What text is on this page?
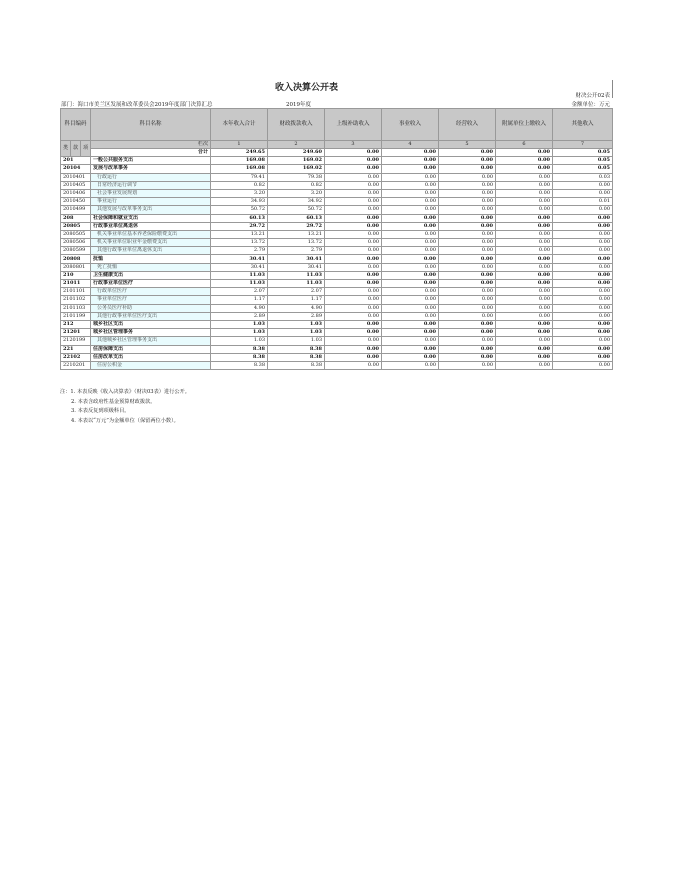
收入决算公开表
财决公开02表
部门：海口市美兰区发展和改革委员会2019年度部门决算汇总	2019年度	金额单位：万元
科目编码			科目名称	本年收入合计	财政拨款收入	上级补助收入	事业收入	经营收入	附属单位上缴收入	其他收入
类	款	项	栏次	1	2	3	4	5	6	7
			合计	249.65	249.60	0.00	0.00	0.00	0.00	0.05
201			一般公共服务支出	169.08	169.02	0.00	0.00	0.00	0.00	0.05
20104			发展与改革事务	169.08	169.02	0.00	0.00	0.00	0.00	0.05
2010401			行政运行	79.41	79.38	0.00	0.00	0.00	0.00	0.03
2010405			日常经济运行调节	0.82	0.82	0.00	0.00	0.00	0.00	0.00
2010406			社会事业发展规划	3.20	3.20	0.00	0.00	0.00	0.00	0.00
2010450			事业运行	34.93	34.92	0.00	0.00	0.00	0.00	0.01
2010499			其他发展与改革事务支出	50.72	50.72	0.00	0.00	0.00	0.00	0.00
208			社会保障和就业支出	60.13	60.13	0.00	0.00	0.00	0.00	0.00
20805			行政事业单位离退休	29.72	29.72	0.00	0.00	0.00	0.00	0.00
2080505			机关事业单位基本养老保险缴费支出	13.21	13.21	0.00	0.00	0.00	0.00	0.00
2080506			机关事业单位职业年金缴费支出	13.72	13.72	0.00	0.00	0.00	0.00	0.00
2080599			其他行政事业单位离退休支出	2.79	2.79	0.00	0.00	0.00	0.00	0.00
20808			抚恤	30.41	30.41	0.00	0.00	0.00	0.00	0.00
2080801			死亡抚恤	30.41	30.41	0.00	0.00	0.00	0.00	0.00
210			卫生健康支出	11.03	11.03	0.00	0.00	0.00	0.00	0.00
21011			行政事业单位医疗	11.03	11.03	0.00	0.00	0.00	0.00	0.00
2101101			行政单位医疗	2.07	2.07	0.00	0.00	0.00	0.00	0.00
2101102			事业单位医疗	1.17	1.17	0.00	0.00	0.00	0.00	0.00
2101103			公务员医疗补助	4.90	4.90	0.00	0.00	0.00	0.00	0.00
2101199			其他行政事业单位医疗支出	2.89	2.89	0.00	0.00	0.00	0.00	0.00
212			城乡社区支出	1.03	1.03	0.00	0.00	0.00	0.00	0.00
21201			城乡社区管理事务	1.03	1.03	0.00	0.00	0.00	0.00	0.00
2120199			其他城乡社区管理事务支出	1.03	1.03	0.00	0.00	0.00	0.00	0.00
221			住房保障支出	8.38	8.38	0.00	0.00	0.00	0.00	0.00
22102			住房改革支出	8.38	8.38	0.00	0.00	0.00	0.00	0.00
2210201			住房公积金	8.38	8.38	0.00	0.00	0.00	0.00	0.00
注：1. 本表反映《收入决算表》（财决03表）进行公开。
2. 本表含政府性基金预算财政拨款。
3. 本表反复到项级科目。
4. 本表以“万元”为金额单位（保留两位小数）。
